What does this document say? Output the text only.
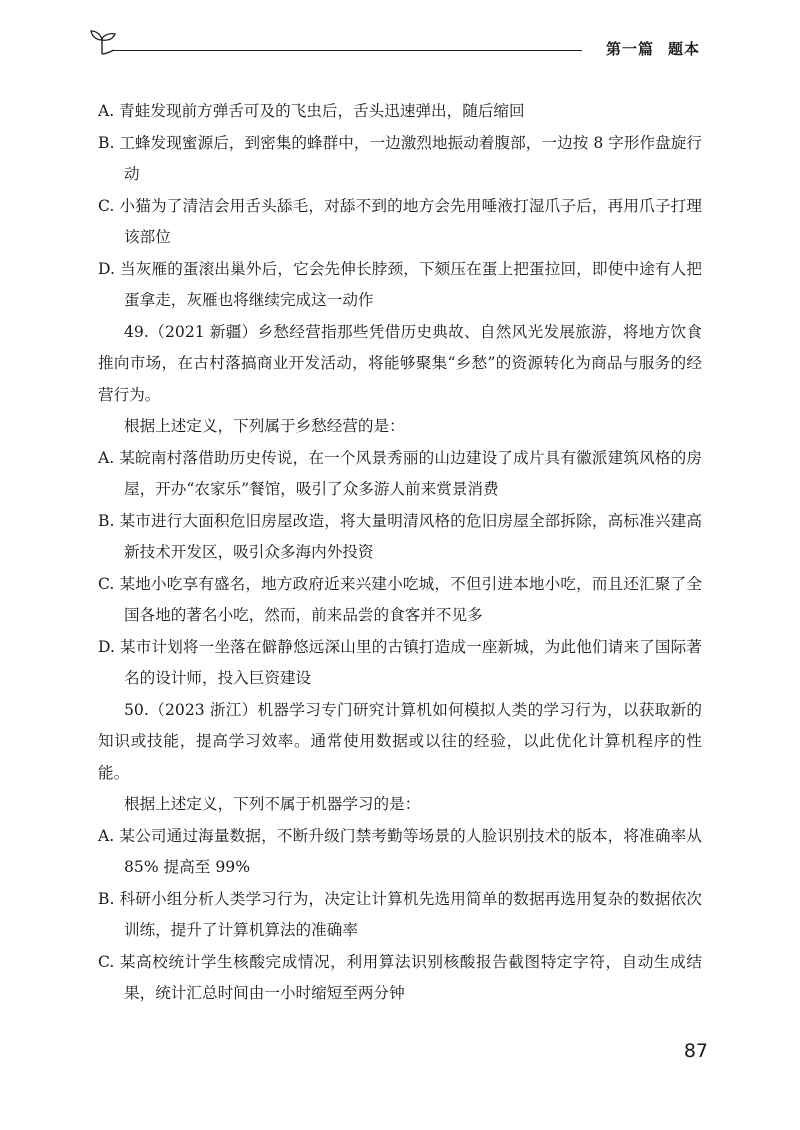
第一篇 题本

A. 青蛙发现前方弹舌可及的飞虫后，舌头迅速弹出，随后缩回

B. 工蜂发现蜜源后，到密集的蜂群中，一边激烈地振动着腹部，一边按 8 字形作盘旋行动

C. 小猫为了清洁会用舌头舔毛，对舔不到的地方会先用唾液打湿爪子后，再用爪子打理该部位

D. 当灰雁的蛋滚出巢外后，它会先伸长脖颈，下颏压在蛋上把蛋拉回，即使中途有人把蛋拿走，灰雁也将继续完成这一动作

49.（2021 新疆）乡愁经营指那些凭借历史典故、自然风光发展旅游，将地方饮食推向市场，在古村落搞商业开发活动，将能够聚集“乡愁”的资源转化为商品与服务的经营行为。

根据上述定义，下列属于乡愁经营的是：

A. 某皖南村落借助历史传说，在一个风景秀丽的山边建设了成片具有徽派建筑风格的房屋，开办“农家乐”餐馆，吸引了众多游人前来赏景消费

B. 某市进行大面积危旧房屋改造，将大量明清风格的危旧房屋全部拆除，高标准兴建高新技术开发区，吸引众多海内外投资

C. 某地小吃享有盛名，地方政府近来兴建小吃城，不但引进本地小吃，而且还汇聚了全国各地的著名小吃，然而，前来品尝的食客并不见多

D. 某市计划将一坐落在僻静悠远深山里的古镇打造成一座新城，为此他们请来了国际著名的设计师，投入巨资建设

50.（2023 浙江）机器学习专门研究计算机如何模拟人类的学习行为，以获取新的知识或技能，提高学习效率。通常使用数据或以往的经验，以此优化计算机程序的性能。

根据上述定义，下列不属于机器学习的是：

A. 某公司通过海量数据，不断升级门禁考勤等场景的人脸识别技术的版本，将准确率从 85% 提高至 99%

B. 科研小组分析人类学习行为，决定让计算机先选用简单的数据再选用复杂的数据依次训练，提升了计算机算法的准确率

C. 某高校统计学生核酸完成情况，利用算法识别核酸报告截图特定字符，自动生成结果，统计汇总时间由一小时缩短至两分钟

87
